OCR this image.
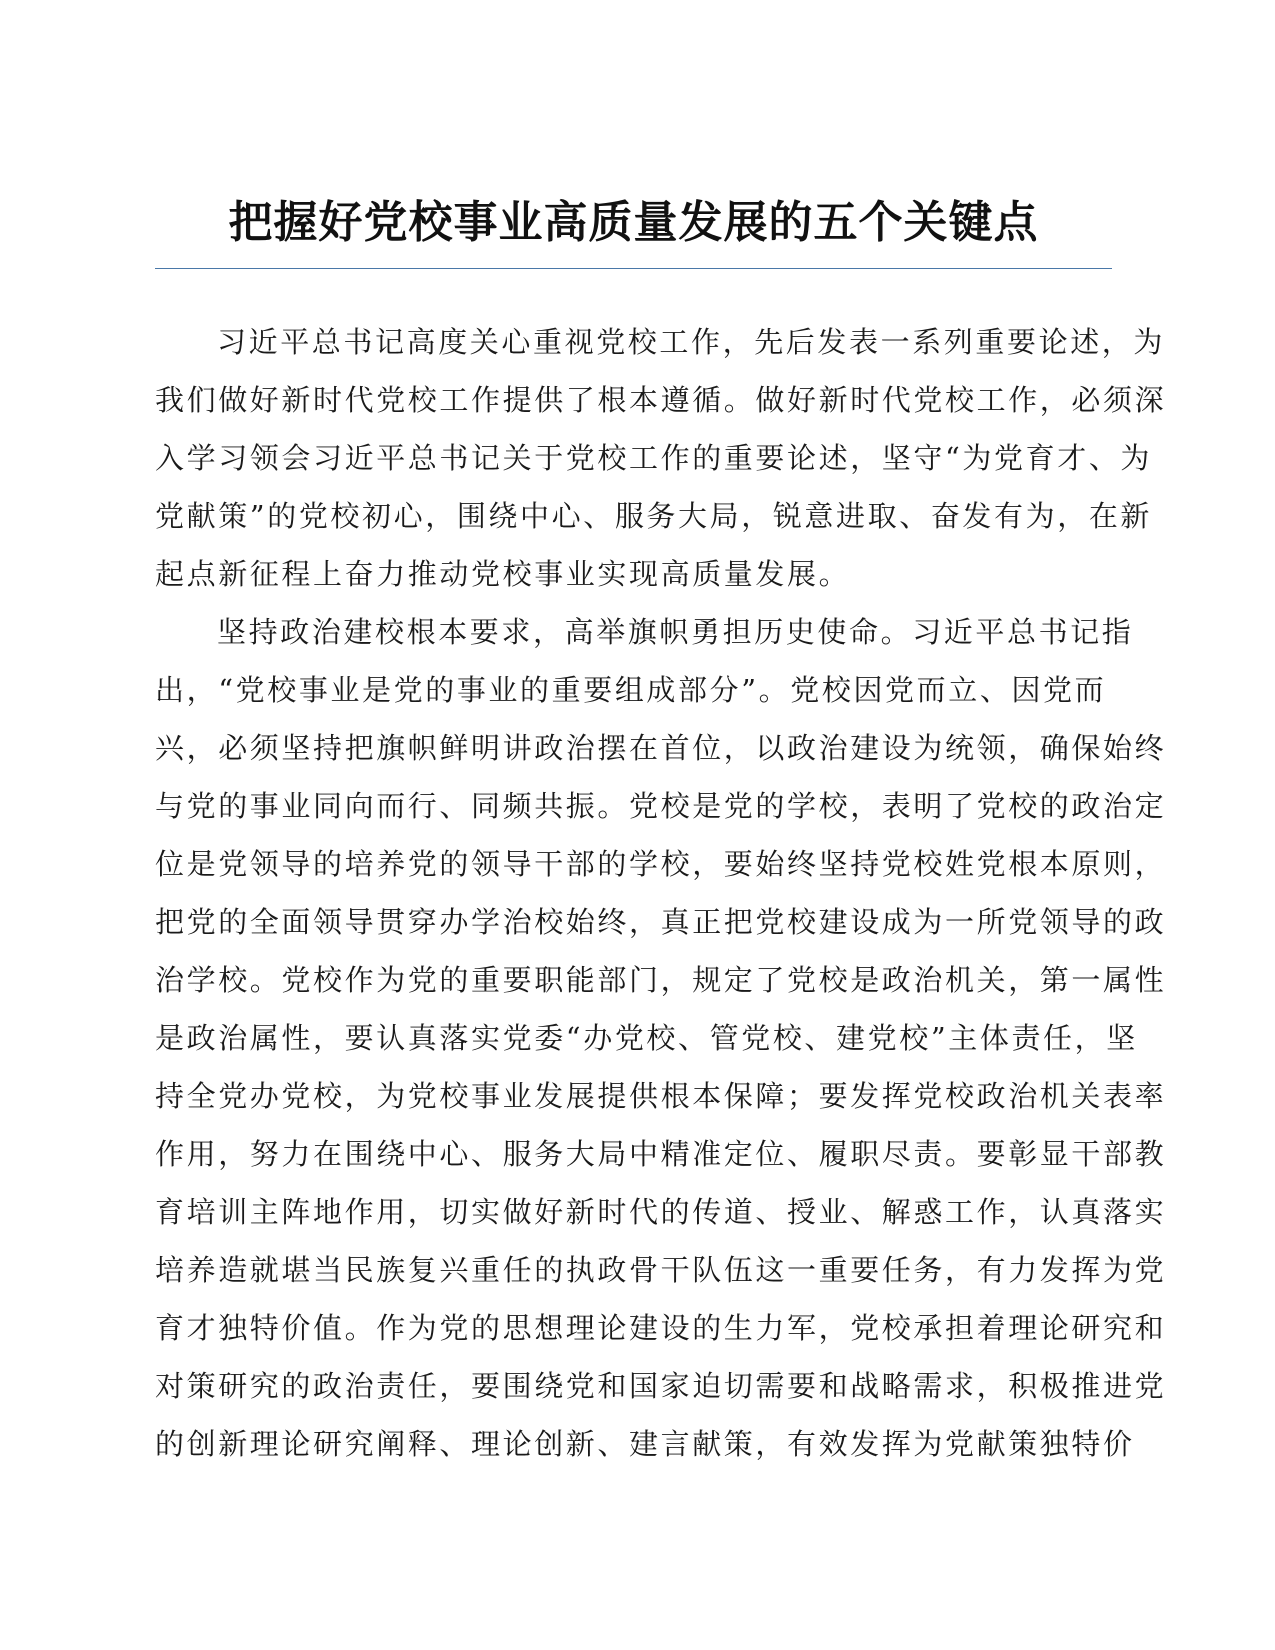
把握好党校事业高质量发展的五个关键点
习近平总书记高度关心重视党校工作，先后发表一系列重要论述，为
我们做好新时代党校工作提供了根本遵循。做好新时代党校工作，必须深
入学习领会习近平总书记关于党校工作的重要论述，坚守“为党育才、为
党献策”的党校初心，围绕中心、服务大局，锐意进取、奋发有为，在新
起点新征程上奋力推动党校事业实现高质量发展。
坚持政治建校根本要求，高举旗帜勇担历史使命。习近平总书记指
出，“党校事业是党的事业的重要组成部分”。党校因党而立、因党而
兴，必须坚持把旗帜鲜明讲政治摆在首位，以政治建设为统领，确保始终
与党的事业同向而行、同频共振。党校是党的学校，表明了党校的政治定
位是党领导的培养党的领导干部的学校，要始终坚持党校姓党根本原则，
把党的全面领导贯穿办学治校始终，真正把党校建设成为一所党领导的政
治学校。党校作为党的重要职能部门，规定了党校是政治机关，第一属性
是政治属性，要认真落实党委“办党校、管党校、建党校”主体责任，坚
持全党办党校，为党校事业发展提供根本保障；要发挥党校政治机关表率
作用，努力在围绕中心、服务大局中精准定位、履职尽责。要彰显干部教
育培训主阵地作用，切实做好新时代的传道、授业、解惑工作，认真落实
培养造就堪当民族复兴重任的执政骨干队伍这一重要任务，有力发挥为党
育才独特价值。作为党的思想理论建设的生力军，党校承担着理论研究和
对策研究的政治责任，要围绕党和国家迫切需要和战略需求，积极推进党
的创新理论研究阐释、理论创新、建言献策，有效发挥为党献策独特价
